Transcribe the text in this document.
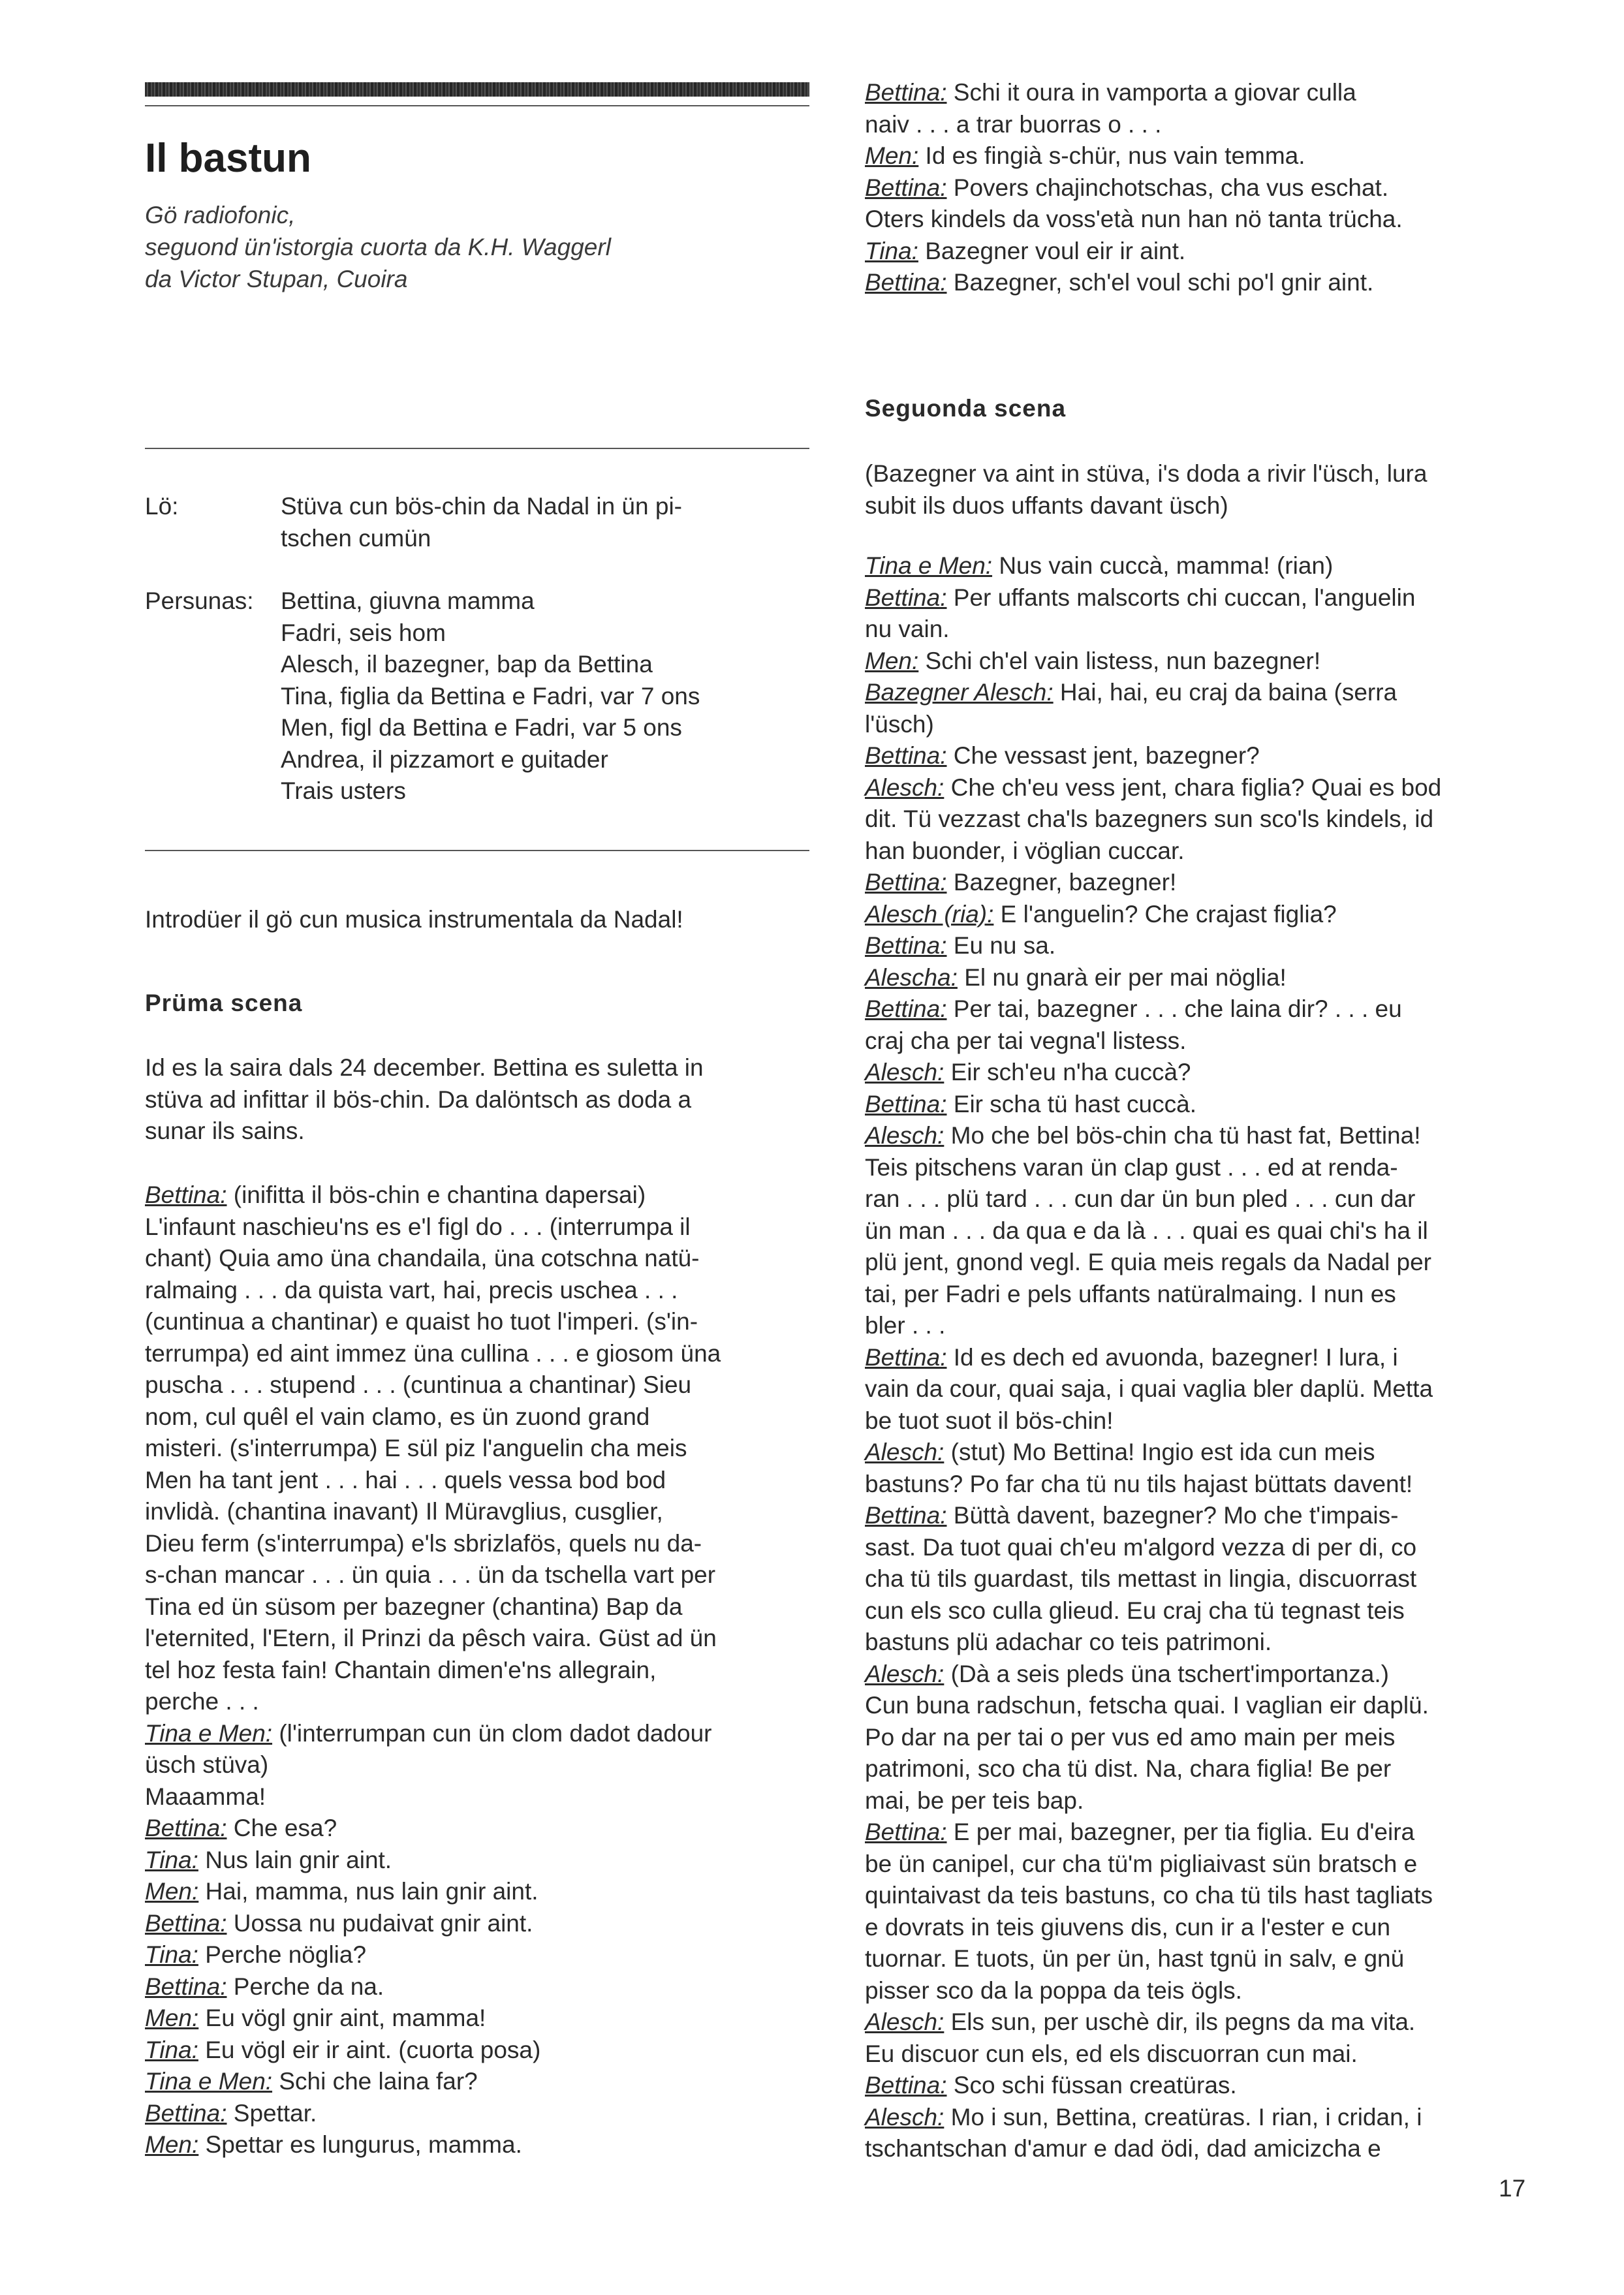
Il bastun
Gö radiofonic,
seguond ün'istorgia cuorta da K.H. Waggerl
da Victor Stupan, Cuoira
Lö:	Stüva cun bös-chin da Nadal in ün pi-
tschen cumün
Persunas: Bettina, giuvna mamma
Fadri, seis hom
Alesch, il bazegner, bap da Bettina
Tina, figlia da Bettina e Fadri, var 7 ons
Men, figl da Bettina e Fadri, var 5 ons
Andrea, il pizzamort e guitader
Trais usters
Introdüer il gö cun musica instrumentala da Nadal!
Prüma scena
Id es la saira dals 24 december. Bettina es suletta in
stüva ad infittar il bös-chin. Da dalöntsch as doda a
sunar ils sains.
Bettina: (inifitta il bös-chin e chantina dapersai)
L'infaunt naschieu'ns es e'l figl do . . . (interrumpa il
chant) Quia amo üna chandaila, üna cotschna natü-
ralmaing . . . da quista vart, hai, precis uschea . . .
(cuntinua a chantinar) e quaist ho tuot l'imperi. (s'in-
terrumpa) ed aint immez üna cullina . . . e giosom üna
puscha . . . stupend . . . (cuntinua a chantinar) Sieu
nom, cul quêl el vain clamo, es ün zuond grand
misteri. (s'interrumpa) E sül piz l'anguelin cha meis
Men ha tant jent . . . hai . . . quels vessa bod bod
invlidà. (chantina inavant) Il Müravglius, cusglier,
Dieu ferm (s'interrumpa) e'ls sbrizlafös, quels nu da-
s-chan mancar . . . ün quia . . . ün da tschella vart per
Tina ed ün süsom per bazegner (chantina) Bap da
l'eternited, l'Etern, il Prinzi da pêsch vaira. Güst ad ün
tel hoz festa fain! Chantain dimen'e'ns allegrain,
perche . . .
Tina e Men: (l'interrumpan cun ün clom dadot dadour
üsch stüva)
Maaamma!
Bettina: Che esa?
Tina: Nus lain gnir aint.
Men: Hai, mamma, nus lain gnir aint.
Bettina: Uossa nu pudaivat gnir aint.
Tina: Perche nöglia?
Bettina: Perche da na.
Men: Eu vögl gnir aint, mamma!
Tina: Eu vögl eir ir aint. (cuorta posa)
Tina e Men: Schi che laina far?
Bettina: Spettar.
Men: Spettar es lungurus, mamma.
Bettina: Schi it oura in vamporta a giovar culla
naiv . . . a trar buorras o . . .
Men: Id es fingià s-chür, nus vain temma.
Bettina: Povers chajinchotschas, cha vus eschat.
Oters kindels da voss'età nun han nö tanta trücha.
Tina: Bazegner voul eir ir aint.
Bettina: Bazegner, sch'el voul schi po'l gnir aint.
Seguonda scena
(Bazegner va aint in stüva, i's doda a rivir l'üsch, lura
subit ils duos uffants davant üsch)
Tina e Men: Nus vain cuccà, mamma! (rian)
Bettina: Per uffants malscorts chi cuccan, l'anguelin
nu vain.
Men: Schi ch'el vain listess, nun bazegner!
Bazegner Alesch: Hai, hai, eu craj da baina (serra
l'üsch)
Bettina: Che vessast jent, bazegner?
Alesch: Che ch'eu vess jent, chara figlia? Quai es bod
dit. Tü vezzast cha'ls bazegners sun sco'ls kindels, id
han buonder, i vöglian cuccar.
Bettina: Bazegner, bazegner!
Alesch (ria): E l'anguelin? Che crajast figlia?
Bettina: Eu nu sa.
Alescha: El nu gnarà eir per mai nöglia!
Bettina: Per tai, bazegner . . . che laina dir? . . . eu
craj cha per tai vegna'l listess.
Alesch: Eir sch'eu n'ha cuccà?
Bettina: Eir scha tü hast cuccà.
Alesch: Mo che bel bös-chin cha tü hast fat, Bettina!
Teis pitschens varan ün clap gust . . . ed at renda-
ran . . . plü tard . . . cun dar ün bun pled . . . cun dar
ün man . . . da qua e da là . . . quai es quai chi's ha il
plü jent, gnond vegl. E quia meis regals da Nadal per
tai, per Fadri e pels uffants natüralmaing. I nun es
bler . . .
Bettina: Id es dech ed avuonda, bazegner! I lura, i
vain da cour, quai saja, i quai vaglia bler daplü. Metta
be tuot suot il bös-chin!
Alesch: (stut) Mo Bettina! Ingio est ida cun meis
bastuns? Po far cha tü nu tils hajast büttats davent!
Bettina: Büttà davent, bazegner? Mo che t'impais-
sast. Da tuot quai ch'eu m'algord vezza di per di, co
cha tü tils guardast, tils mettast in lingia, discuorrast
cun els sco culla glieud. Eu craj cha tü tegnast teis
bastuns plü adachar co teis patrimoni.
Alesch: (Dà a seis pleds üna tschert'importanza.)
Cun buna radschun, fetscha quai. I vaglian eir daplü.
Po dar na per tai o per vus ed amo main per meis
patrimoni, sco cha tü dist. Na, chara figlia! Be per
mai, be per teis bap.
Bettina: E per mai, bazegner, per tia figlia. Eu d'eira
be ün canipel, cur cha tü'm pigliaivast sün bratsch e
quintaivast da teis bastuns, co cha tü tils hast tagliats
e dovrats in teis giuvens dis, cun ir a l'ester e cun
tuornar. E tuots, ün per ün, hast tgnü in salv, e gnü
pisser sco da la poppa da teis ögls.
Alesch: Els sun, per uschè dir, ils pegns da ma vita.
Eu discuor cun els, ed els discuorran cun mai.
Bettina: Sco schi füssan creatüras.
Alesch: Mo i sun, Bettina, creatüras. I rian, i cridan, i
tschantschan d'amur e dad ödi, dad amicizcha e
17
